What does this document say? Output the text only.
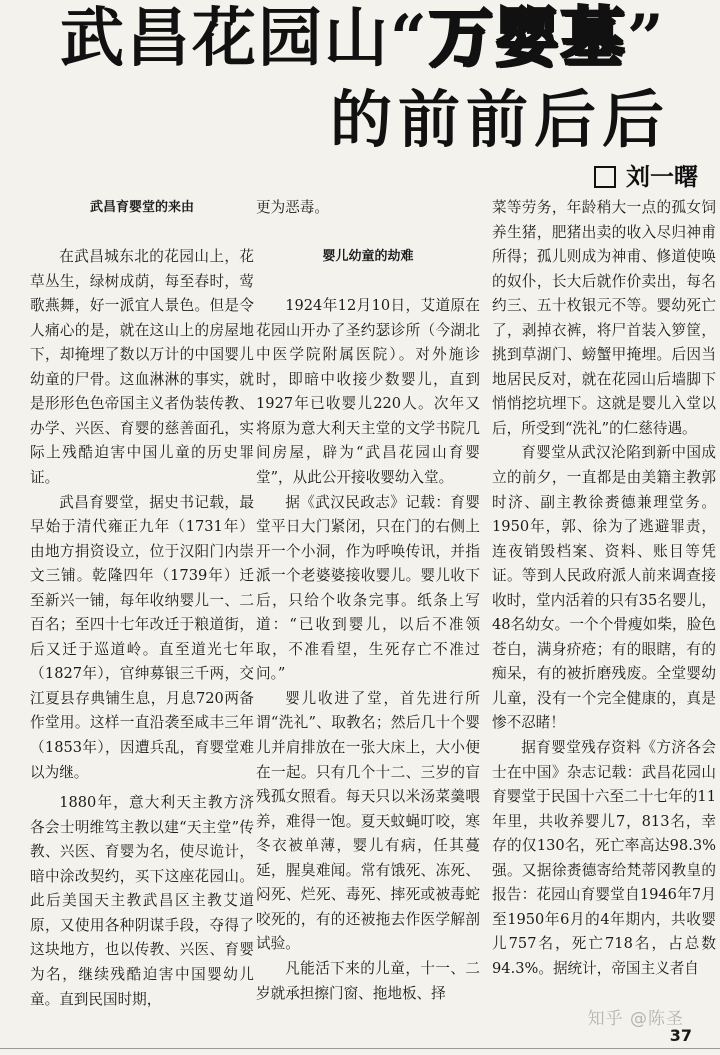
武昌花园山“万婴墓”
的前前后后
刘一曙
武昌育婴堂的来由

在武昌城东北的花园山上，花草丛生，绿树成荫，每至春时，莺歌燕舞，好一派宜人景色。但是令人痛心的是，就在这山上的房屋地下，却掩埋了数以万计的中国婴儿幼童的尸骨。这血淋淋的事实，就是形形色色帝国主义者伪装传教、办学、兴医、育婴的慈善面孔，实际上残酷迫害中国儿童的历史罪证。

武昌育婴堂，据史书记载，最早始于清代雍正九年（1731年）由地方捐资设立，位于汉阳门内崇文三铺。乾隆四年（1739年）迁至新兴一铺，每年收纳婴儿一、二百名；至四十七年改迁于粮道街，后又迁于巡道岭。直至道光七年（1827年），官绅募银三千两，交江夏县存典铺生息，月息720两备作堂用。这样一直沿袭至咸丰三年（1853年），因遭兵乱，育婴堂难以为继。

1880年，意大利天主教方济各会士明维笃主教以建“天主堂”传教、兴医、育婴为名，使尽诡计，暗中涂改契约，买下这座花园山。此后美国天主教武昌区主教艾道原，又使用各种阴谋手段，夺得了这块地方，也以传教、兴医、育婴为名，继续残酷迫害中国婴幼儿童。直到民国时期，

更为恶毒。

婴儿幼童的劫难

1924年12月10日，艾道原在花园山开办了圣约瑟诊所（今湖北中医学院附属医院）。对外施诊时，即暗中收接少数婴儿，直到1927年已收婴儿220人。次年又将原为意大利天主堂的文学书院几间房屋，辟为“武昌花园山育婴堂”，从此公开接收婴幼入堂。

据《武汉民政志》记载：育婴堂平日大门紧闭，只在门的右侧上开一个小洞，作为呼唤传讯，并指派一个老婆婆接收婴儿。婴儿收下后，只给个收条完事。纸条上写道：“已收到婴儿，以后不准领取，不准看望，生死存亡不准过问。”

婴儿收进了堂，首先进行所谓“洗礼”、取教名；然后几十个婴儿并肩排放在一张大床上，大小便在一起。只有几个十二、三岁的盲残孤女照看。每天只以米汤菜羹喂养，难得一饱。夏天蚊蝇叮咬，寒冬衣被单薄，婴儿有病，任其蔓延，腥臭难闻。常有饿死、冻死、闷死、烂死、毒死、摔死或被毒蛇咬死的，有的还被拖去作医学解剖试验。

凡能活下来的儿童，十一、二岁就承担擦门窗、拖地板、择

菜等劳务，年龄稍大一点的孤女饲养生猪，肥猪出卖的收入尽归神甫所得；孤儿则成为神甫、修道使唤的奴仆，长大后就作价卖出，每名约三、五十枚银元不等。婴幼死亡了，剥掉衣裤，将尸首装入箩筐，挑到草湖门、螃蟹甲掩埋。后因当地居民反对，就在花园山后墙脚下悄悄挖坑埋下。这就是婴儿入堂以后，所受到“洗礼”的仁慈待遇。

育婴堂从武汉沦陷到新中国成立的前夕，一直都是由美籍主教郭时济、副主教徐赉德兼理堂务。1950年，郭、徐为了逃避罪责，连夜销毁档案、资料、账目等凭证。等到人民政府派人前来调查接收时，堂内活着的只有35名婴儿，48名幼女。一个个骨瘦如柴，脸色苍白，满身疥疮；有的眼瞎，有的痴呆，有的被折磨残废。全堂婴幼儿童，没有一个完全健康的，真是惨不忍睹！

据育婴堂残存资料《方济各会士在中国》杂志记载：武昌花园山育婴堂于民国十六至二十七年的11年里，共收养婴儿7，813名，幸存的仅130名，死亡率高达98.3%强。又据徐赉德寄给梵蒂冈教皇的报告：花园山育婴堂自1946年7月至1950年6月的4年期内，共收婴儿757名，死亡718名，占总数94.3%。据统计，帝国主义者自

知乎 @陈圣
37
